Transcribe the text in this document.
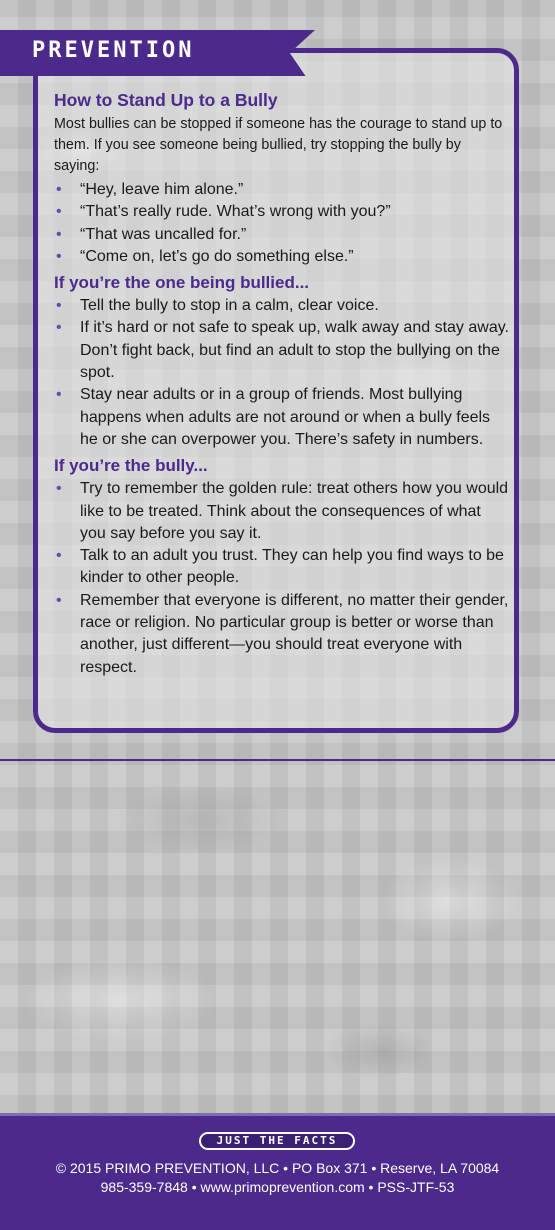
PREVENTION
How to Stand Up to a Bully

Most bullies can be stopped if someone has the courage to stand up to them. If you see someone being bullied, try stopping the bully by saying:

• “Hey, leave him alone.”
• “That’s really rude. What’s wrong with you?”
• “That was uncalled for.”
• “Come on, let’s go do something else.”
If you’re the one being bullied...
• Tell the bully to stop in a calm, clear voice.
• If it’s hard or not safe to speak up, walk away and stay away. Don’t fight back, but find an adult to stop the bullying on the spot.
• Stay near adults or in a group of friends. Most bullying happens when adults are not around or when a bully feels he or she can overpower you. There’s safety in numbers.
If you’re the bully...
• Try to remember the golden rule: treat others how you would like to be treated. Think about the consequences of what you say before you say it.
• Talk to an adult you trust. They can help you find ways to be kinder to other people.
• Remember that everyone is different, no matter their gender, race or religion. No particular group is better or worse than another, just different—you should treat everyone with respect.
JUST THE FACTS
© 2015 PRIMO PREVENTION, LLC • PO Box 371 • Reserve, LA 70084
985-359-7848 • www.primoprevention.com • PSS-JTF-53
